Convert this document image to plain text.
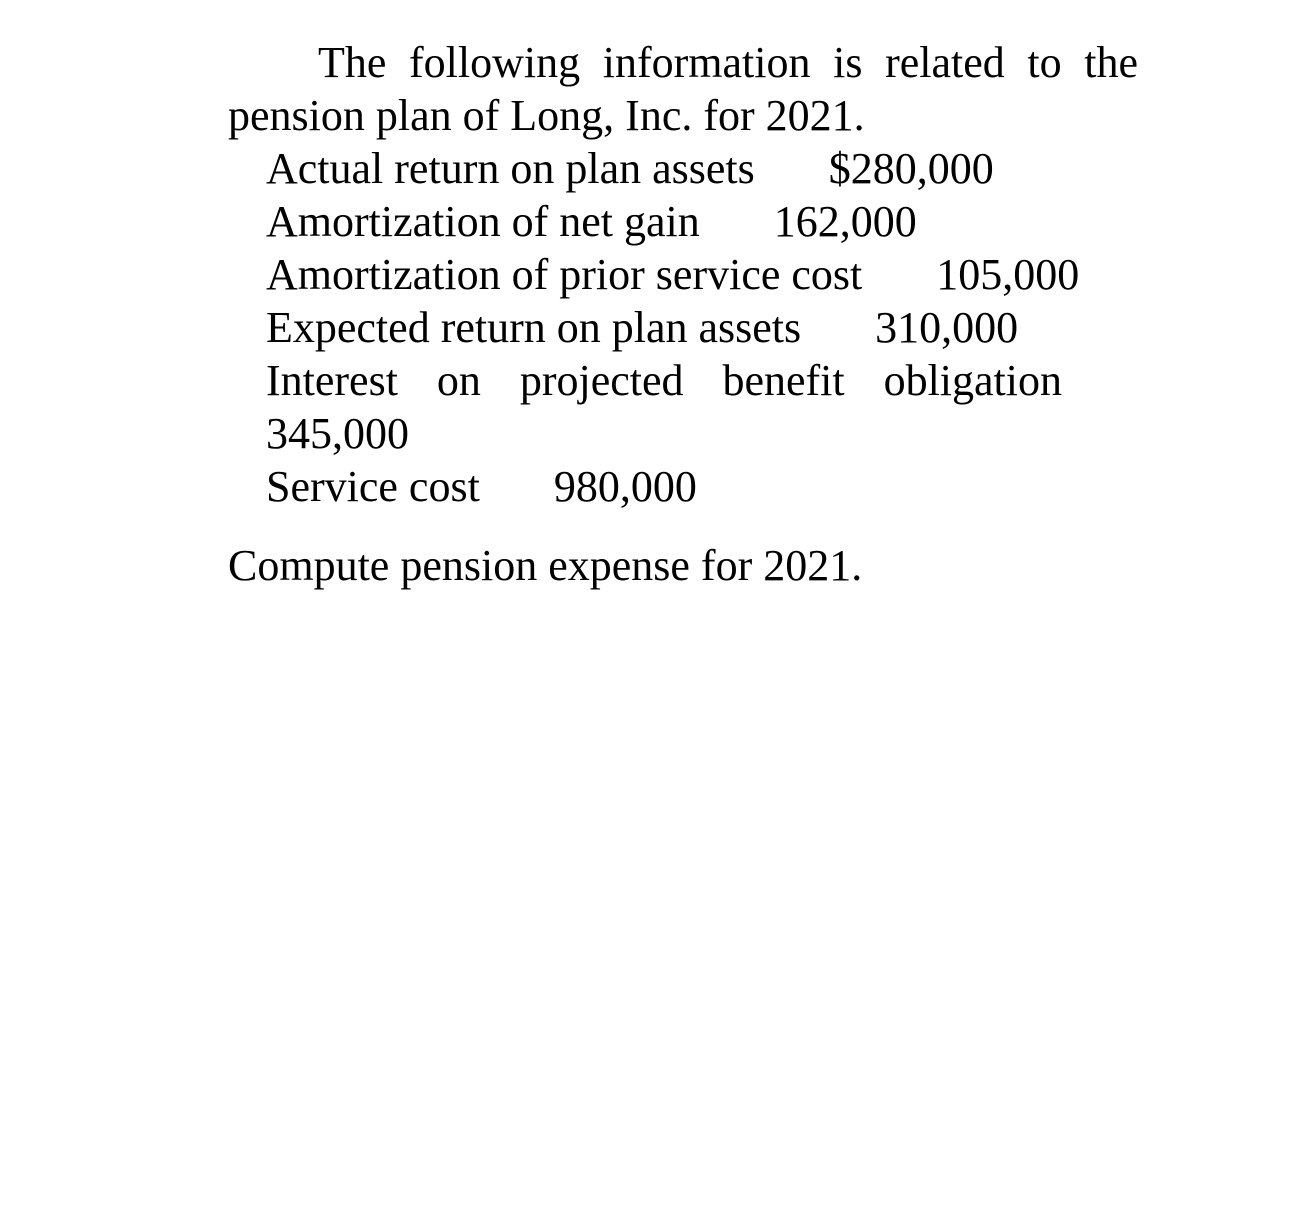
The following information is related to the pension plan of Long, Inc. for 2021.

Actual return on plan assets $280,000
Amortization of net gain 162,000
Amortization of prior service cost 105,000
Expected return on plan assets 310,000
Interest on projected benefit obligation
345,000
Service cost 980,000

Compute pension expense for 2021.
